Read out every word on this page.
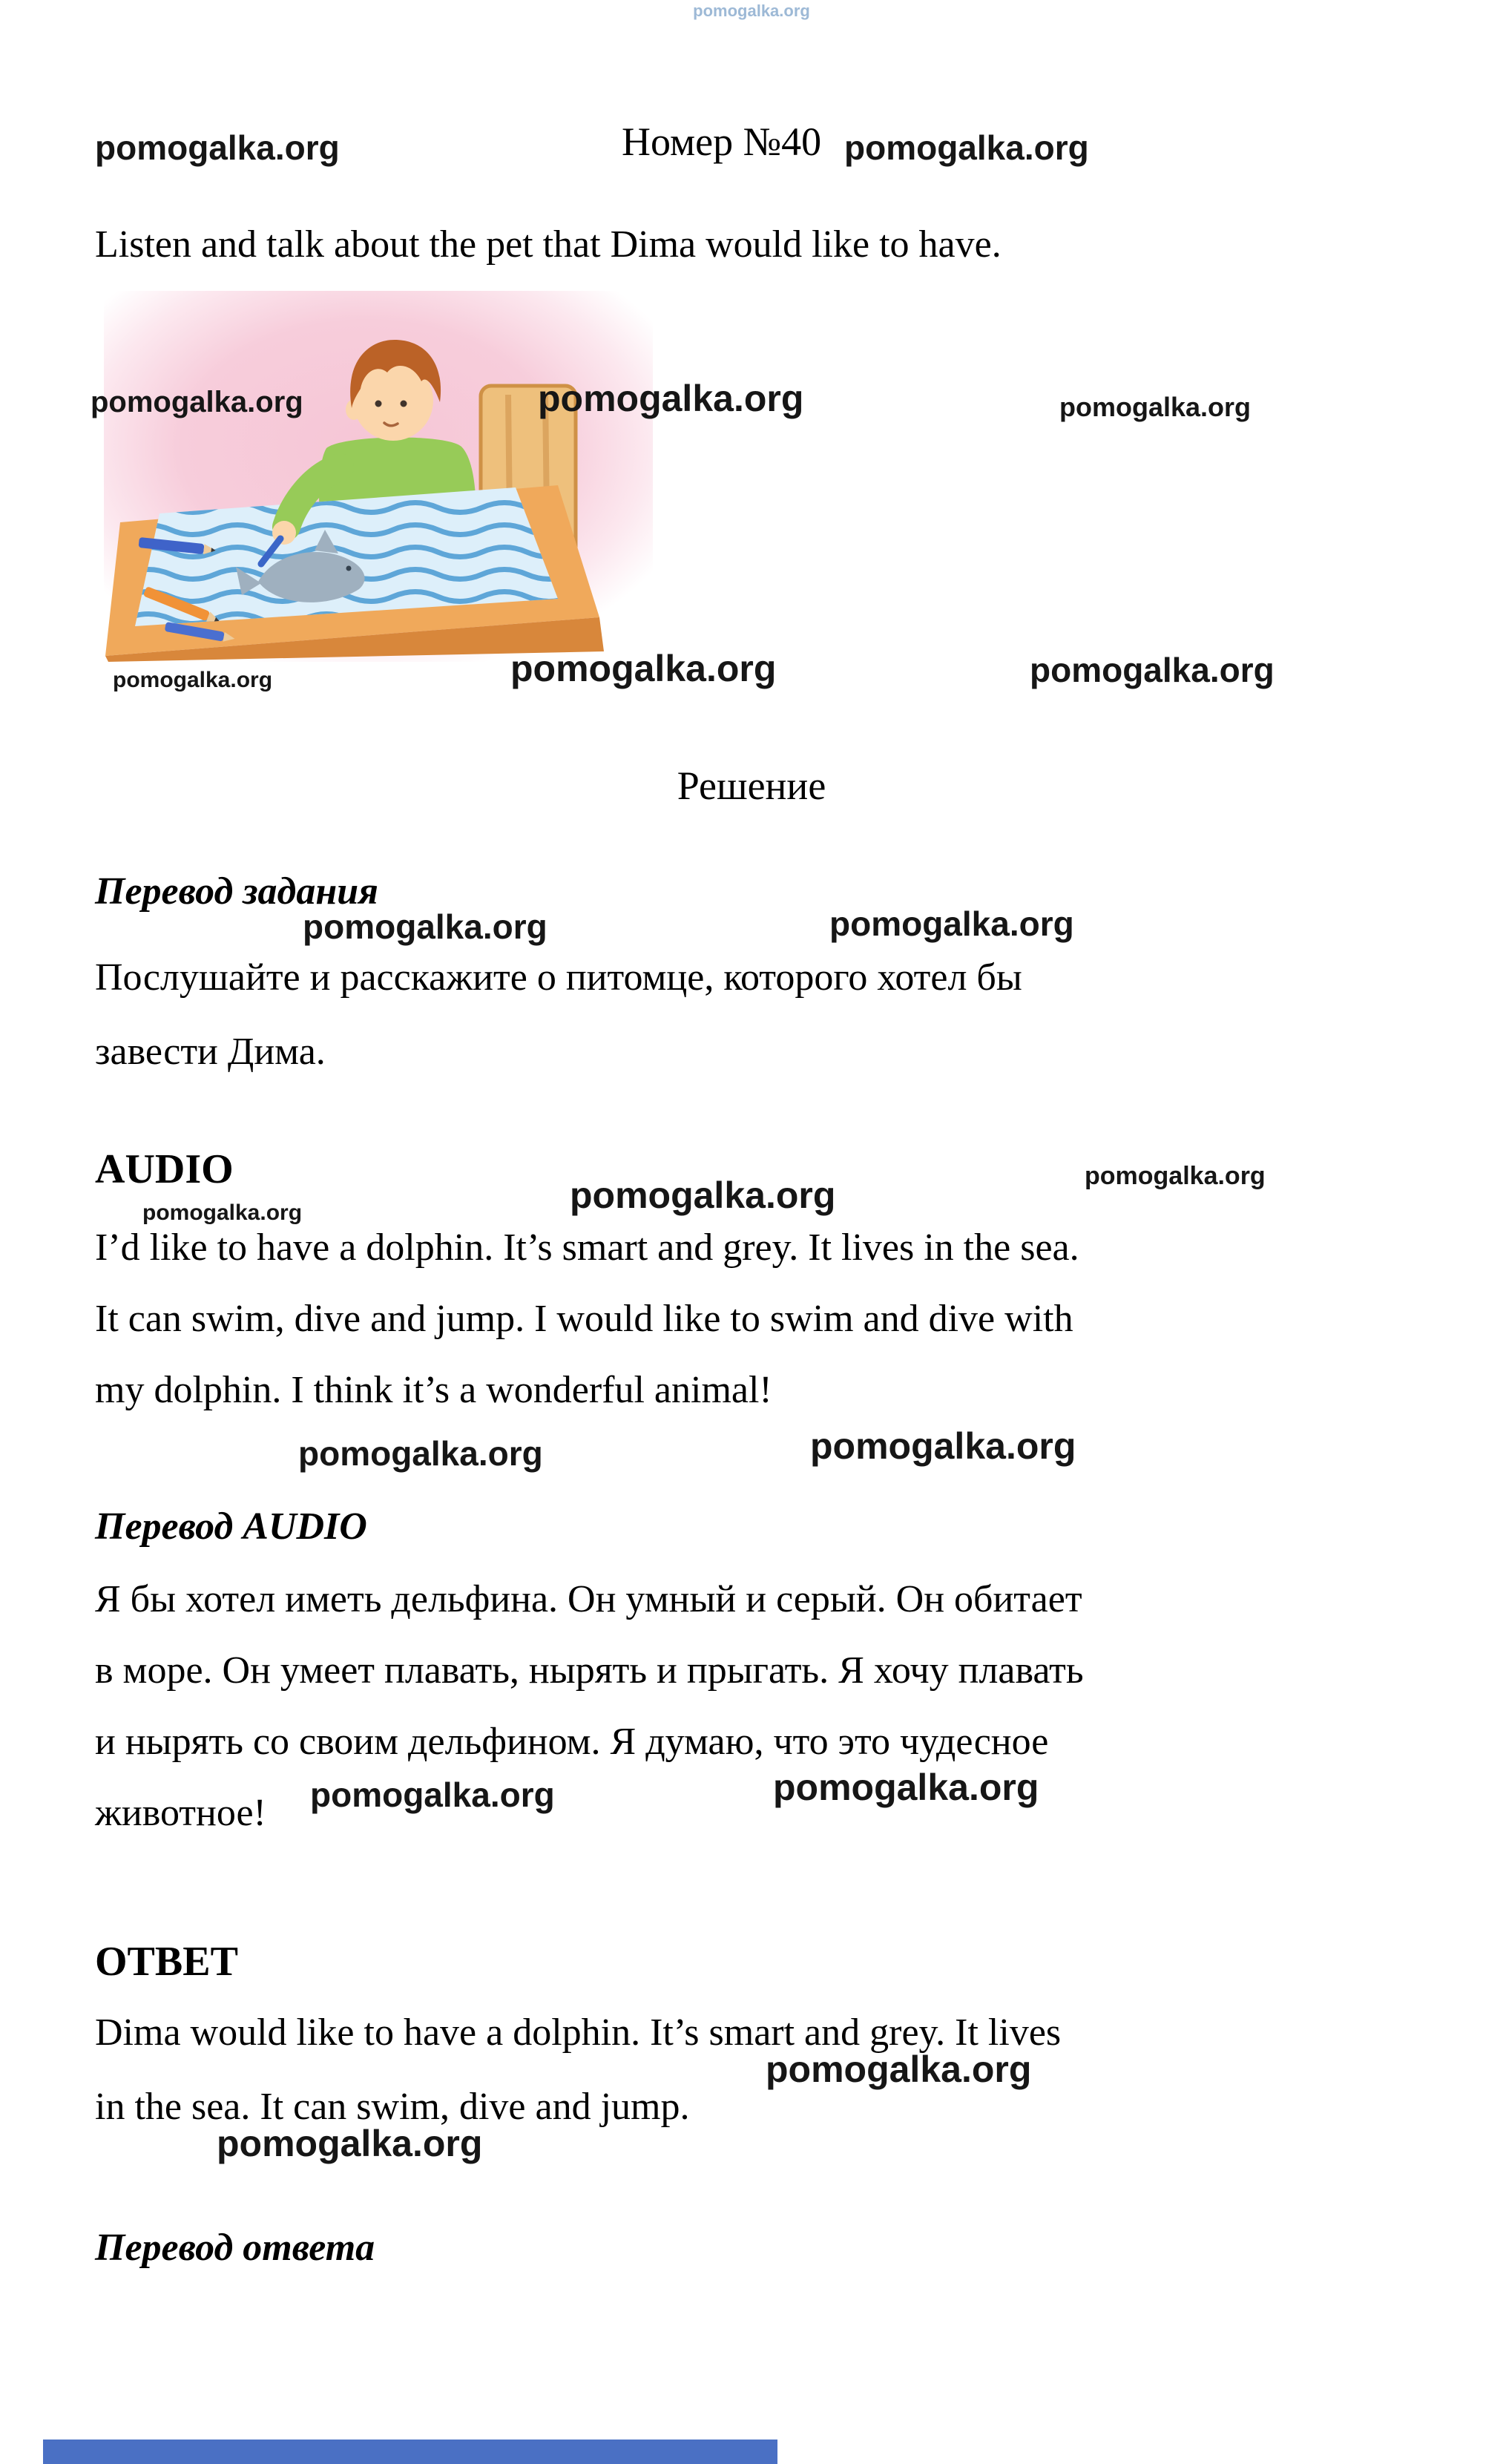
pomogalka.org
pomogalka.org	Номер №40 pomogalka.org
Listen and talk about the pet that Dima would like to have.
pomogalka.org	pomogalka.org	pomogalka.org
pomogalka.org	pomogalka.org	pomogalka.org
Решение
Перевод задания
pomogalka.org	pomogalka.org
Послушайте и расскажите о питомце, которого хотел бы
завести Дима.
AUDIO
pomogalka.org	pomogalka.org	pomogalka.org
I’d like to have a dolphin. It’s smart and grey. It lives in the sea.
It can swim, dive and jump. I would like to swim and dive with
my dolphin. I think it’s a wonderful animal!
pomogalka.org	pomogalka.org
Перевод AUDIO
Я бы хотел иметь дельфина. Он умный и серый. Он обитает
в море. Он умеет плавать, нырять и прыгать. Я хочу плавать
и нырять со своим дельфином. Я думаю, что это чудесное
животное! pomogalka.org	pomogalka.org
ОТВЕТ
Dima would like to have a dolphin. It’s smart and grey. It lives
pomogalka.org
in the sea. It can swim, dive and jump.
pomogalka.org
Перевод ответа
